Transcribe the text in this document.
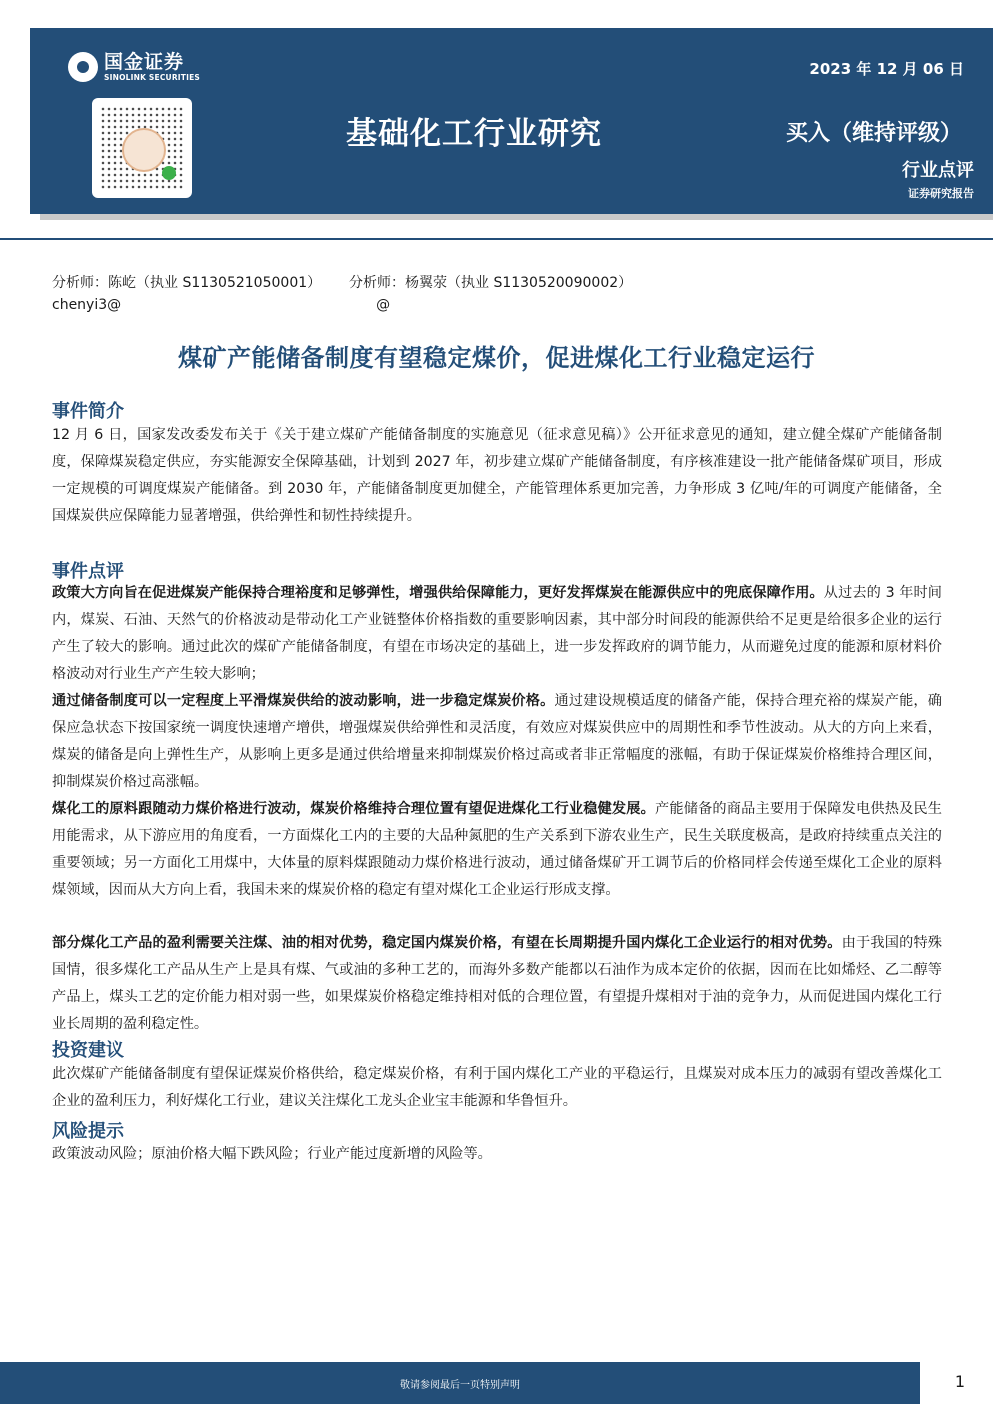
国金证券
SINOLINK SECURITIES	2023 年 12 月 06 日
基础化工行业研究	买入（维持评级）
行业点评
证券研究报告
分析师：陈屹（执业 S1130521050001）	分析师：杨翼荥（执业 S1130520090002）
chenyi3@	@
煤矿产能储备制度有望稳定煤价，促进煤化工行业稳定运行
事件简介

12 月 6 日，国家发改委发布关于《关于建立煤矿产能储备制度的实施意见（征求意见稿）》公开征求意见的通知，建立健全煤矿产能储备制度，保障煤炭稳定供应，夯实能源安全保障基础，计划到 2027 年，初步建立煤矿产能储备制度，有序核准建设一批产能储备煤矿项目，形成一定规模的可调度煤炭产能储备。到 2030 年，产能储备制度更加健全，产能管理体系更加完善，力争形成 3 亿吨/年的可调度产能储备，全国煤炭供应保障能力显著增强，供给弹性和韧性持续提升。

事件点评

政策大方向旨在促进煤炭产能保持合理裕度和足够弹性，增强供给保障能力，更好发挥煤炭在能源供应中的兜底保障作用。从过去的 3 年时间内，煤炭、石油、天然气的价格波动是带动化工产业链整体价格指数的重要影响因素，其中部分时间段的能源供给不足更是给很多企业的运行产生了较大的影响。通过此次的煤矿产能储备制度，有望在市场决定的基础上，进一步发挥政府的调节能力，从而避免过度的能源和原材料价格波动对行业生产产生较大影响；

通过储备制度可以一定程度上平滑煤炭供给的波动影响，进一步稳定煤炭价格。通过建设规模适度的储备产能，保持合理充裕的煤炭产能，确保应急状态下按国家统一调度快速增产增供，增强煤炭供给弹性和灵活度，有效应对煤炭供应中的周期性和季节性波动。从大的方向上来看，煤炭的储备是向上弹性生产，从影响上更多是通过供给增量来抑制煤炭价格过高或者非正常幅度的涨幅，有助于保证煤炭价格维持合理区间，抑制煤炭价格过高涨幅。

煤化工的原料跟随动力煤价格进行波动，煤炭价格维持合理位置有望促进煤化工行业稳健发展。产能储备的商品主要用于保障发电供热及民生用能需求，从下游应用的角度看，一方面煤化工内的主要的大品种氮肥的生产关系到下游农业生产，民生关联度极高，是政府持续重点关注的重要领域；另一方面化工用煤中，大体量的原料煤跟随动力煤价格进行波动，通过储备煤矿开工调节后的价格同样会传递至煤化工企业的原料煤领域，因而从大方向上看，我国未来的煤炭价格的稳定有望对煤化工企业运行形成支撑。

部分煤化工产品的盈利需要关注煤、油的相对优势，稳定国内煤炭价格，有望在长周期提升国内煤化工企业运行的相对优势。由于我国的特殊国情，很多煤化工产品从生产上是具有煤、气或油的多种工艺的，而海外多数产能都以石油作为成本定价的依据，因而在比如烯烃、乙二醇等产品上，煤头工艺的定价能力相对弱一些，如果煤炭价格稳定维持相对低的合理位置，有望提升煤相对于油的竞争力，从而促进国内煤化工行业长周期的盈利稳定性。

投资建议

此次煤矿产能储备制度有望保证煤炭价格供给，稳定煤炭价格，有利于国内煤化工产业的平稳运行，且煤炭对成本压力的减弱有望改善煤化工企业的盈利压力，利好煤化工行业，建议关注煤化工龙头企业宝丰能源和华鲁恒升。

风险提示

政策波动风险；原油价格大幅下跌风险；行业产能过度新增的风险等。

敬请参阅最后一页特别声明	1
